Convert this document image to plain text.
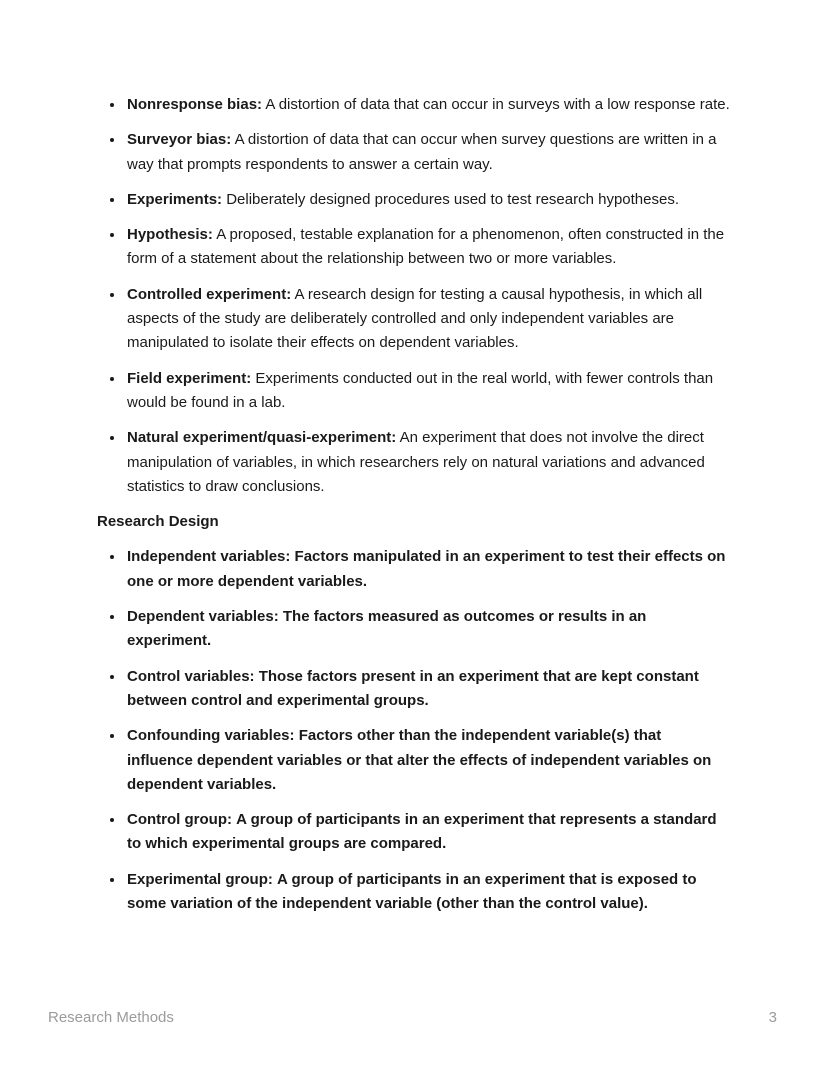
• Nonresponse bias: A distortion of data that can occur in surveys with a low response rate.
• Surveyor bias: A distortion of data that can occur when survey questions are written in a way that prompts respondents to answer a certain way.
• Experiments: Deliberately designed procedures used to test research hypotheses.
• Hypothesis: A proposed, testable explanation for a phenomenon, often constructed in the form of a statement about the relationship between two or more variables.
• Controlled experiment: A research design for testing a causal hypothesis, in which all aspects of the study are deliberately controlled and only independent variables are manipulated to isolate their effects on dependent variables.
• Field experiment: Experiments conducted out in the real world, with fewer controls than would be found in a lab.
• Natural experiment/quasi-experiment: An experiment that does not involve the direct manipulation of variables, in which researchers rely on natural variations and advanced statistics to draw conclusions.
Research Design
• Independent variables: Factors manipulated in an experiment to test their effects on one or more dependent variables.
• Dependent variables: The factors measured as outcomes or results in an experiment.
• Control variables: Those factors present in an experiment that are kept constant between control and experimental groups.
• Confounding variables: Factors other than the independent variable(s) that influence dependent variables or that alter the effects of independent variables on dependent variables.
• Control group: A group of participants in an experiment that represents a standard to which experimental groups are compared.
• Experimental group: A group of participants in an experiment that is exposed to some variation of the independent variable (other than the control value).
Research Methods	3
